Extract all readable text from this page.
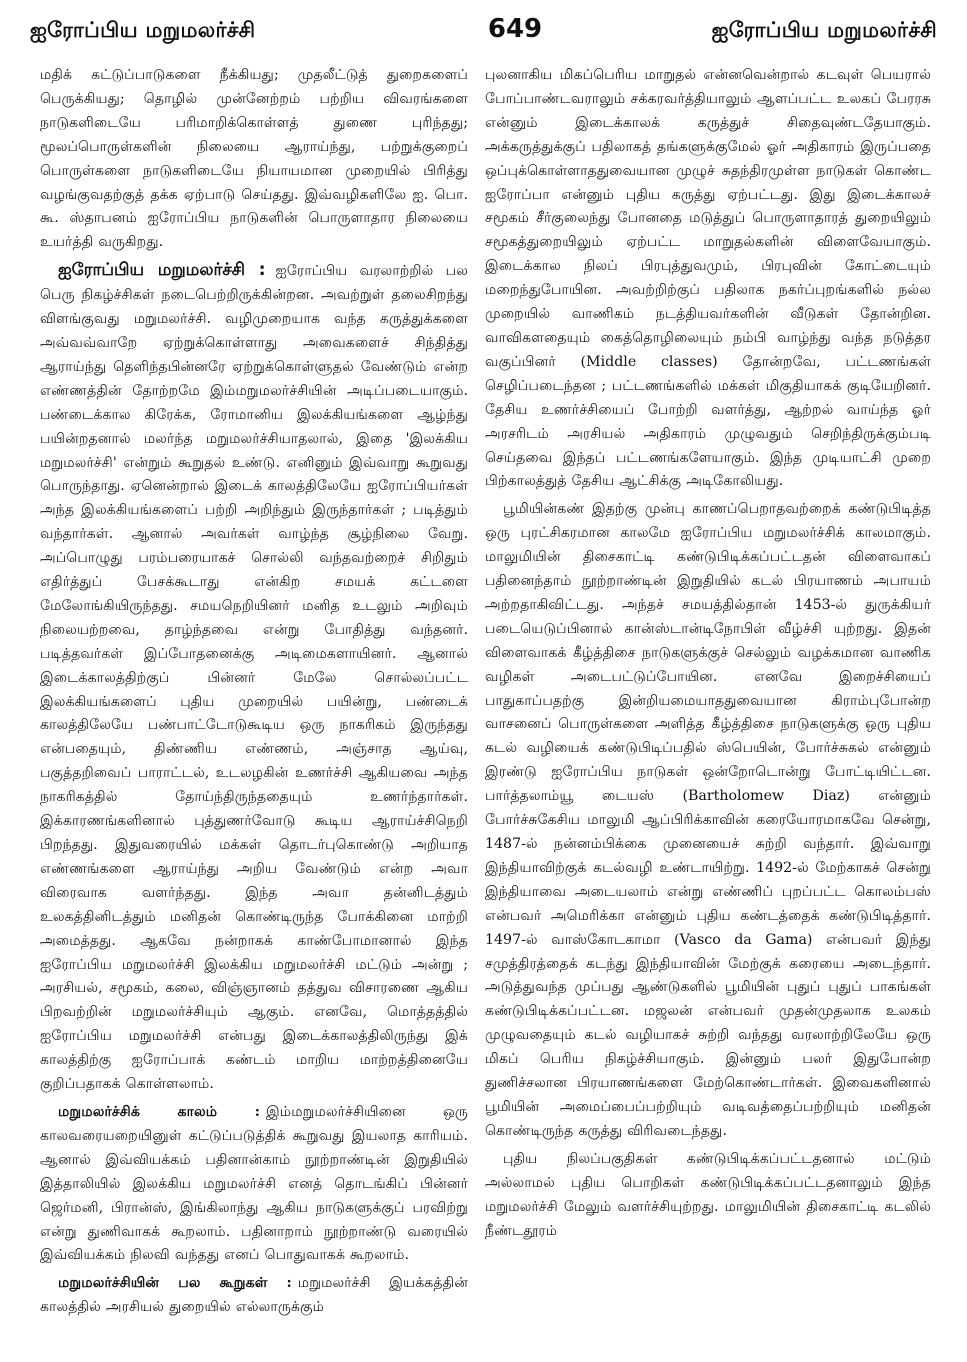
ஐரோப்பிய மறுமலர்ச்சி	649	ஐரோப்பிய மறுமலர்ச்சி

மதிக் கட்டுப்பாடுகளை நீக்கியது; முதலீட்டுத் துறைகளைப் பெருக்கியது; தொழில் முன்னேற்றம் பற்றிய விவரங்களை நாடுகளிடையே பரிமாறிக்கொள்ளத் துணை புரிந்தது; மூலப்பொருள்களின் நிலையை ஆராய்ந்து, பற்றுக்குறைப் பொருள்களை நாடுகளிடையே நியாயமான முறையில் பிரித்து வழங்குவதற்குத் தக்க ஏற்பாடு செய்தது. இவ்வழிகளிலே ஐ. பொ. கூ. ஸ்தாபனம் ஐரோப்பிய நாடுகளின் பொருளாதார நிலையை உயர்த்தி வருகிறது.

ஐரோப்பிய மறுமலர்ச்சி : ஐரோப்பிய வரலாற்றில் பல பெரு நிகழ்ச்சிகள் நடைபெற்றிருக்கின்றன. அவற்றுள் தலைசிறந்து விளங்குவது மறுமலர்ச்சி. வழிமுறையாக வந்த கருத்துக்களை அவ்வவ்வாறே ஏற்றுக்கொள்ளாது அவைகளைச் சிந்தித்து ஆராய்ந்து தெளிந்தபின்னரே ஏற்றுக்கொள்ளுதல் வேண்டும் என்ற எண்ணத்தின் தோற்றமே இம்மறுமலர்ச்சியின் அடிப்படையாகும். பண்டைக்கால கிரேக்க, ரோமானிய இலக்கியங்களை ஆழ்ந்து பயின்றதனால் மலர்ந்த மறுமலர்ச்சியாதலால், இதை 'இலக்கிய மறுமலர்ச்சி' என்றும் கூறுதல் உண்டு. எனினும் இவ்வாறு கூறுவது பொருந்தாது. ஏனென்றால் இடைக் காலத்திலேயே ஐரோப்பியர்கள் அந்த இலக்கியங்களைப் பற்றி அறிந்தும் இருந்தார்கள் ; படித்தும் வந்தார்கள். ஆனால் அவர்கள் வாழ்ந்த சூழ்நிலை வேறு. அப்பொழுது பரம்பரையாகச் சொல்லி வந்தவற்றைச் சிறிதும் எதிர்த்துப் பேசக்கூடாது என்கிற சமயக் கட்டளை மேலோங்கியிருந்தது. சமயநெறியினர் மனித உடலும் அறிவும் நிலையற்றவை, தாழ்ந்தவை என்று போதித்து வந்தனர். படித்தவர்கள் இப்போதனைக்கு அடிமைகளாயினர். ஆனால் இடைக்காலத்திற்குப் பின்னர் மேலே சொல்லப்பட்ட இலக்கியங்களைப் புதிய முறையில் பயின்று, பண்டைக் காலத்திலேயே பண்பாட்டோடுகூடிய ஒரு நாகரிகம் இருந்தது என்பதையும், திண்ணிய எண்ணம், அஞ்சாத ஆய்வு, பகுத்தறிவைப் பாராட்டல், உடலழகின் உணர்ச்சி ஆகியவை அந்த நாகரிகத்தில் தோய்ந்திருந்ததையும் உணர்ந்தார்கள். இக்காரணங்களினால் புத்துணர்வோடு கூடிய ஆராய்ச்சிநெறி பிறந்தது. இதுவரையில் மக்கள் தொடர்புகொண்டு அறியாத எண்ணங்களை ஆராய்ந்து அறிய வேண்டும் என்ற அவா விரைவாக வளர்ந்தது. இந்த அவா தன்னிடத்தும் உலகத்தினிடத்தும் மனிதன் கொண்டிருந்த போக்கினை மாற்றி அமைத்தது. ஆகவே நன்றாகக் காண்போமானால் இந்த ஐரோப்பிய மறுமலர்ச்சி இலக்கிய மறுமலர்ச்சி மட்டும் அன்று ; அரசியல், சமூகம், கலை, விஞ்ஞானம் தத்துவ விசாரணை ஆகிய பிறவற்றின் மறுமலர்ச்சியும் ஆகும். எனவே, மொத்தத்தில் ஐரோப்பிய மறுமலர்ச்சி என்பது இடைக்காலத்திலிருந்து இக் காலத்திற்கு ஐரோப்பாக் கண்டம் மாறிய மாற்றத்தினையே குறிப்பதாகக் கொள்ளலாம்.

மறுமலர்ச்சிக் காலம் : இம்மறுமலர்ச்சியினை ஒரு காலவரையறையினுள் கட்டுப்படுத்திக் கூறுவது இயலாத காரியம். ஆனால் இவ்வியக்கம் பதினான்காம் நூற்றாண்டின் இறுதியில் இத்தாலியில் இலக்கிய மறுமலர்ச்சி எனத் தொடங்கிப் பின்னர் ஜெர்மனி, பிரான்ஸ், இங்கிலாந்து ஆகிய நாடுகளுக்குப் பரவிற்று என்று துணிவாகக் கூறலாம். பதினாறாம் நூற்றாண்டு வரையில் இவ்வியக்கம் நிலவி வந்தது எனப் பொதுவாகக் கூறலாம்.

மறுமலர்ச்சியின் பல கூறுகள் : மறுமலர்ச்சி இயக்கத்தின் காலத்தில் அரசியல் துறையில் எல்லாருக்கும்

புலனாகிய மிகப்பெரிய மாறுதல் என்னவென்றால் கடவுள் பெயரால் போப்பாண்டவராலும் சக்கரவர்த்தியாலும் ஆளப்பட்ட உலகப் பேரரசு என்னும் இடைக்காலக் கருத்துச் சிதைவுண்டதேயாகும். அக்கருத்துக்குப் பதிலாகத் தங்களுக்குமேல் ஓர் அதிகாரம் இருப்பதை ஒப்புக்கொள்ளாததுவையான முழுச் சுதந்திரமுள்ள நாடுகள் கொண்ட ஐரோப்பா என்னும் புதிய கருத்து ஏற்பட்டது. இது இடைக்காலச் சமூகம் சீர்குலைந்து போனதை மடுத்துப் பொருளாதாரத் துறையிலும் சமூகத்துறையிலும் ஏற்பட்ட மாறுதல்களின் விளைவேயாகும். இடைக்கால நிலப் பிரபுத்துவமும், பிரபுவின் கோட்டையும் மறைந்துபோயின. அவற்றிற்குப் பதிலாக நகர்ப்புறங்களில் நல்ல முறையில் வாணிகம் நடத்தியவர்களின் வீடுகள் தோன்றின. வாவிகளதையும் கைத்தொழிலையும் நம்பி வாழ்ந்து வந்த நடுத்தர வகுப்பினர் (Middle classes) தோன்றவே, பட்டணங்கள் செழிப்படைந்தன ; பட்டணங்களில் மக்கள் மிகுதியாகக் குடியேறினர். தேசிய உணர்ச்சியைப் போற்றி வளர்த்து, ஆற்றல் வாய்ந்த ஓர் அரசரிடம் அரசியல் அதிகாரம் முழுவதும் செறிந்திருக்கும்படி செய்தவை இந்தப் பட்டணங்களேயாகும். இந்த முடியாட்சி முறை பிற்காலத்துத் தேசிய ஆட்சிக்கு அடிகோலியது.

பூமியின்கண் இதற்கு முன்பு காணப்பெறாதவற்றைக் கண்டுபிடித்த ஒரு புரட்சிகரமான காலமே ஐரோப்பிய மறுமலர்ச்சிக் காலமாகும். மாலுமியின் திசைகாட்டி கண்டுபிடிக்கப்பட்டதன் விளைவாகப் பதினைந்தாம் நூற்றாண்டின் இறுதியில் கடல் பிரயாணம் அபாயம் அற்றதாகிவிட்டது. அந்தச் சமயத்தில்தான் 1453-ல் துருக்கியர் படையெடுப்பினால் கான்ஸ்டான்டிநோபிள் வீழ்ச்சி யுற்றது. இதன் விளைவாகக் கீழ்த்திசை நாடுகளுக்குச் செல்லும் வழக்கமான வாணிக வழிகள் அடைபட்டுப்போயின. எனவே இறைச்சியைப் பாதுகாப்பதற்கு இன்றியமையாததுவையான கிராம்புபோன்ற வாசனைப் பொருள்களை அளித்த கீழ்த்திசை நாடுகளுக்கு ஒரு புதிய கடல் வழியைக் கண்டுபிடிப்பதில் ஸ்பெயின், போர்ச்சுகல் என்னும் இரண்டு ஐரோப்பிய நாடுகள் ஒன்றோடொன்று போட்டியிட்டன. பார்த்தலாம்யூ டையஸ் (Bartholomew Diaz) என்னும் போர்ச்சுகேசிய மாலுமி ஆப்பிரிக்காவின் கரையோரமாகவே சென்று, 1487-ல் நன்னம்பிக்கை முனையைச் சுற்றி வந்தார். இவ்வாறு இந்தியாவிற்குக் கடல்வழி உண்டாயிற்று. 1492-ல் மேற்காகச் சென்று இந்தியாவை அடையலாம் என்று எண்ணிப் புறப்பட்ட கொலம்பஸ் என்பவர் அமெரிக்கா என்னும் புதிய கண்டத்தைக் கண்டுபிடித்தார். 1497-ல் வாஸ்கோடகாமா (Vasco da Gama) என்பவர் இந்து சமுத்திரத்தைக் கடந்து இந்தியாவின் மேற்குக் கரையை அடைந்தார். அடுத்துவந்த முப்பது ஆண்டுகளில் பூமியின் புதுப் புதுப் பாகங்கள் கண்டுபிடிக்கப்பட்டன. மஜலன் என்பவர் முதன்முதலாக உலகம் முழுவதையும் கடல் வழியாகச் சுற்றி வந்தது வரலாற்றிலேயே ஒரு மிகப் பெரிய நிகழ்ச்சியாகும். இன்னும் பலர் இதுபோன்ற துணிச்சலான பிரயாணங்களை மேற்கொண்டார்கள். இவைகளினால் பூமியின் அமைப்பைப்பற்றியும் வடிவத்தைப்பற்றியும் மனிதன் கொண்டிருந்த கருத்து விரிவடைந்தது.

புதிய நிலப்பகுதிகள் கண்டுபிடிக்கப்பட்டதனால் மட்டும் அல்லாமல் புதிய பொறிகள் கண்டுபிடிக்கப்பட்டதனாலும் இந்த மறுமலர்ச்சி மேலும் வளர்ச்சியுற்றது. மாலுமியின் திசைகாட்டி கடலில் நீண்டதூரம்
